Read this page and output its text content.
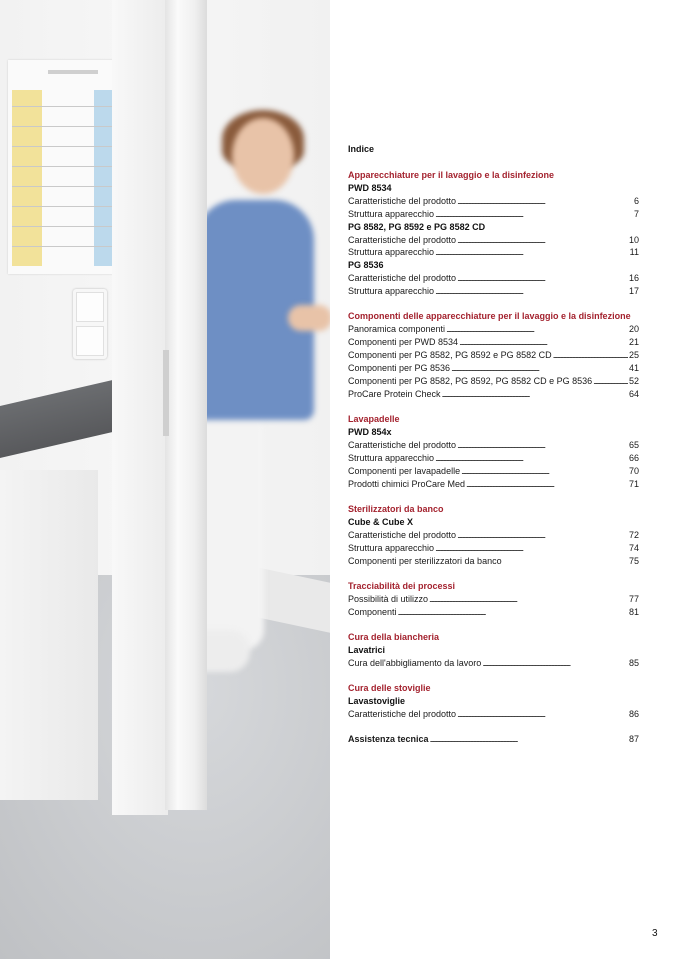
Indice
Apparecchiature per il lavaggio e la disinfezione
PWD 8534
Caratteristiche del prodotto . . .	6
Struttura apparecchio . . .	7
PG 8582, PG 8592 e PG 8582 CD
Caratteristiche del prodotto . . .	10
Struttura apparecchio . . .	11
PG 8536
Caratteristiche del prodotto . . .	16
Struttura apparecchio . . .	17
Componenti delle apparecchiature per il lavaggio e la disinfezione
Panoramica componenti . . .	20
Componenti per PWD 8534 . . .	21
Componenti per PG 8582, PG 8592 e PG 8582 CD . . .	25
Componenti per PG 8536 . . .	41
Componenti per PG 8582, PG 8592, PG 8582 CD e PG 8536 . . .	52
ProCare Protein Check . . .	64
Lavapadelle
PWD 854x
Caratteristiche del prodotto . . .	65
Struttura apparecchio . . .	66
Componenti per lavapadelle . . .	70
Prodotti chimici ProCare Med . . .	71
Sterilizzatori da banco
Cube & Cube X
Caratteristiche del prodotto . . .	72
Struttura apparecchio . . .	74
Componenti per sterilizzatori da banco	75
Tracciabilità dei processi
Possibilità di utilizzo . . .	77
Componenti . . .	81
Cura della biancheria
Lavatrici
Cura dell'abbigliamento da lavoro . . .	85
Cura delle stoviglie
Lavastoviglie
Caratteristiche del prodotto . . .	86
Assistenza tecnica . . .	87
3
